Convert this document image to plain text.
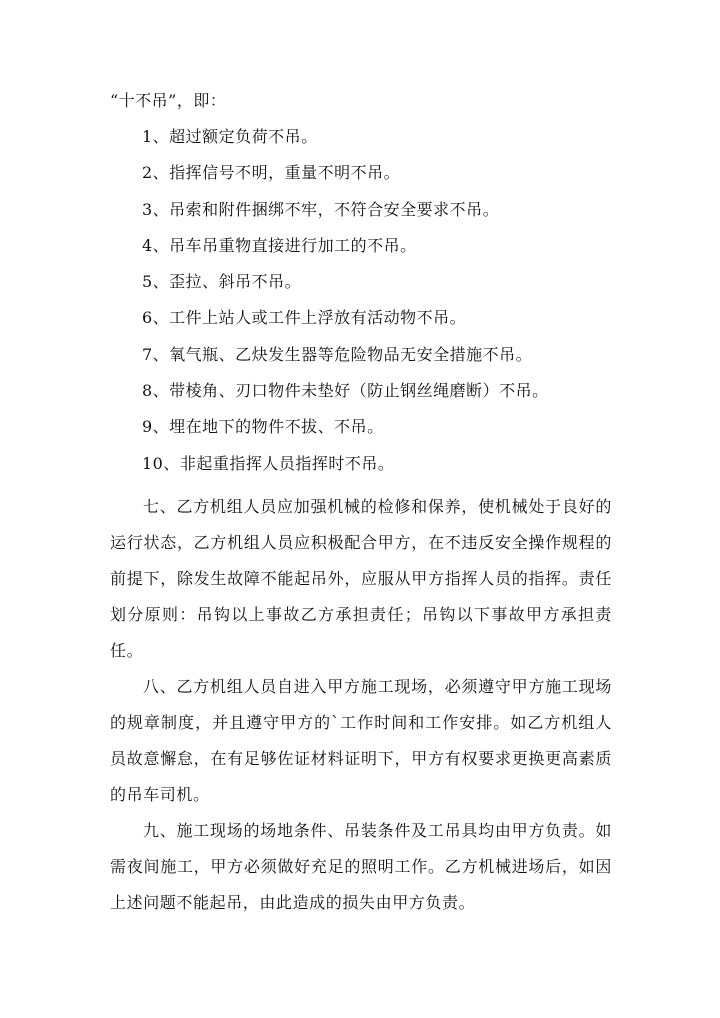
“十不吊”，即：

1、超过额定负荷不吊。
2、指挥信号不明，重量不明不吊。
3、吊索和附件捆绑不牢，不符合安全要求不吊。
4、吊车吊重物直接进行加工的不吊。
5、歪拉、斜吊不吊。
6、工件上站人或工件上浮放有活动物不吊。
7、氧气瓶、乙炔发生器等危险物品无安全措施不吊。
8、带棱角、刃口物件未垫好（防止钢丝绳磨断）不吊。
9、埋在地下的物件不拔、不吊。
10、非起重指挥人员指挥时不吊。

七、乙方机组人员应加强机械的检修和保养，使机械处于良好的运行状态，乙方机组人员应积极配合甲方，在不违反安全操作规程的前提下，除发生故障不能起吊外，应服从甲方指挥人员的指挥。责任划分原则：吊钩以上事故乙方承担责任；吊钩以下事故甲方承担责任。

八、乙方机组人员自进入甲方施工现场，必须遵守甲方施工现场的规章制度，并且遵守甲方的`工作时间和工作安排。如乙方机组人员故意懈怠，在有足够佐证材料证明下，甲方有权要求更换更高素质的吊车司机。

九、施工现场的场地条件、吊装条件及工吊具均由甲方负责。如需夜间施工，甲方必须做好充足的照明工作。乙方机械进场后，如因上述问题不能起吊，由此造成的损失由甲方负责。
